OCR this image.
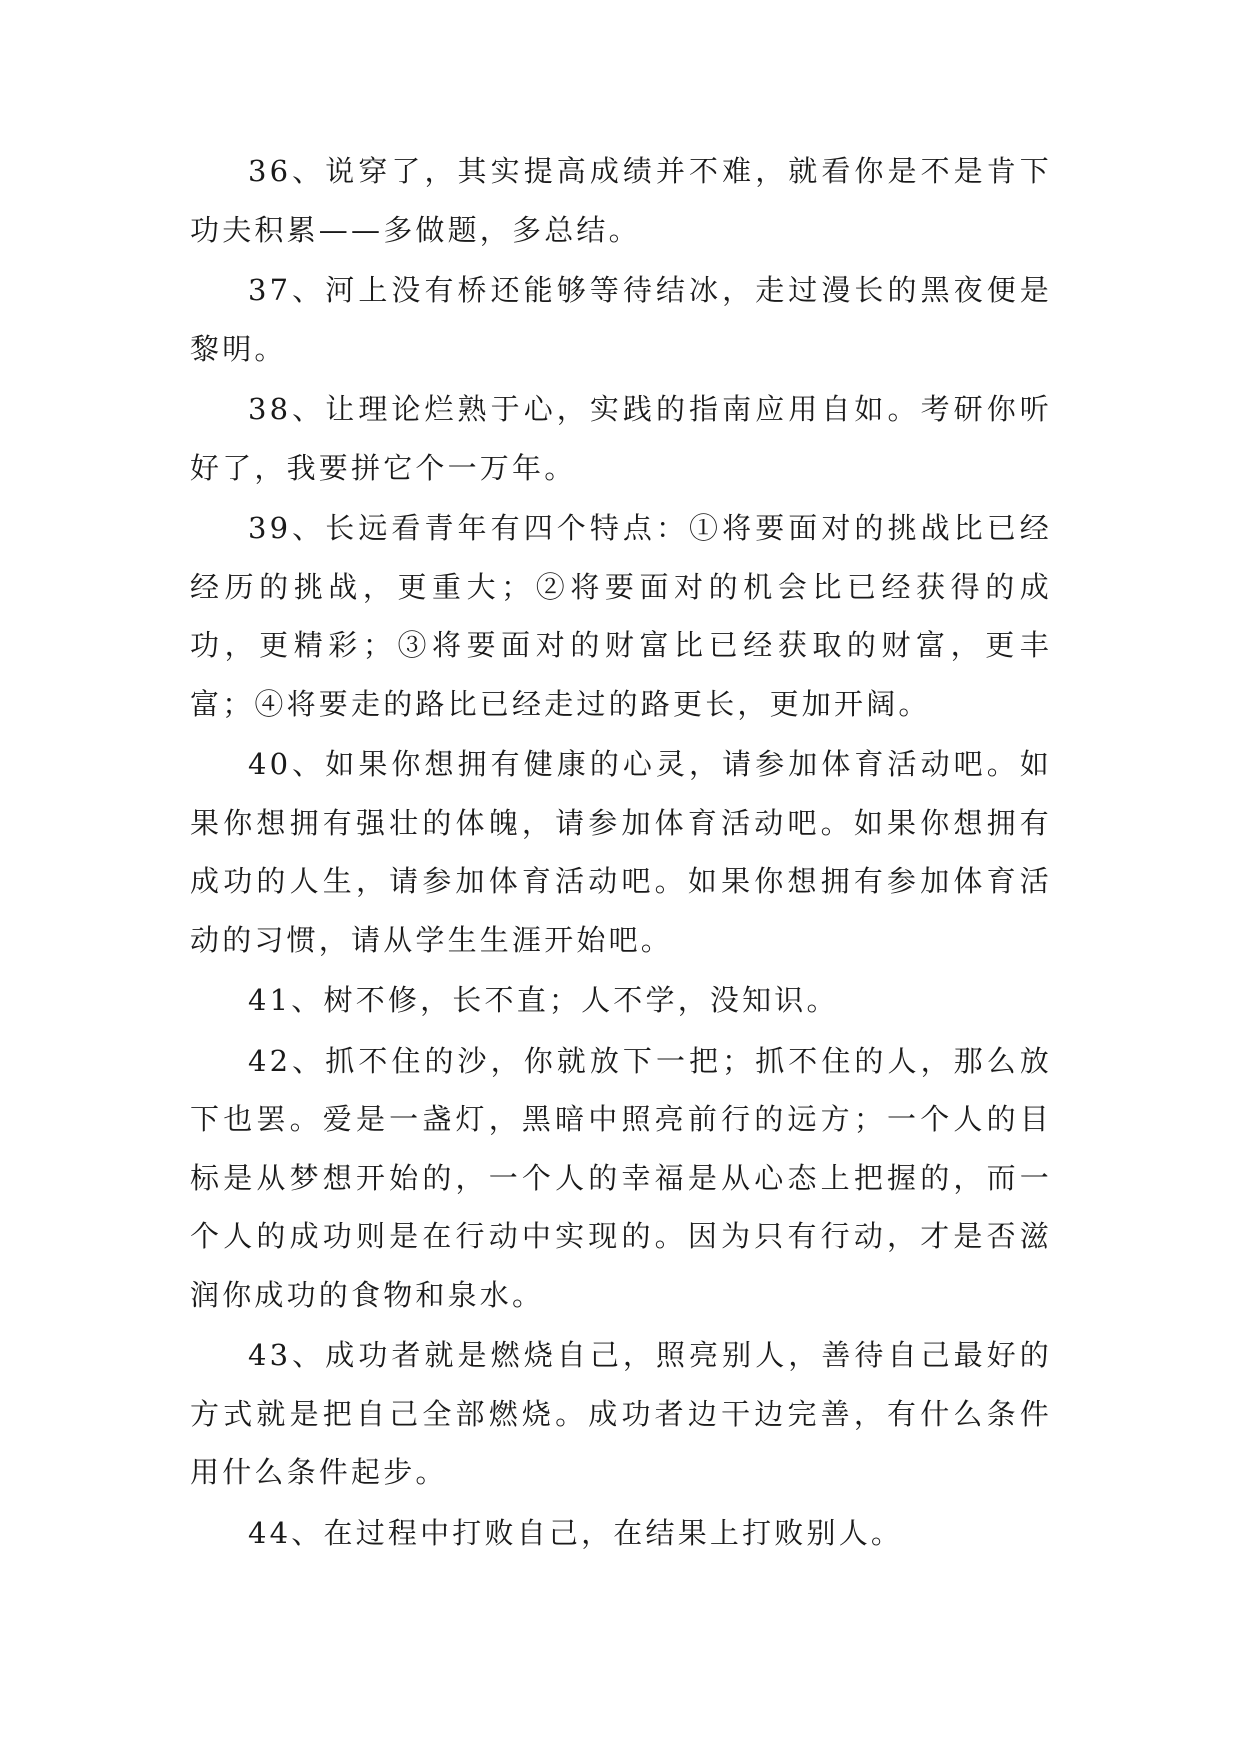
36、说穿了，其实提高成绩并不难，就看你是不是肯下功夫积累——多做题，多总结。

37、河上没有桥还能够等待结冰，走过漫长的黑夜便是黎明。

38、让理论烂熟于心，实践的指南应用自如。考研你听好了，我要拼它个一万年。

39、长远看青年有四个特点：①将要面对的挑战比已经经历的挑战，更重大；②将要面对的机会比已经获得的成功，更精彩；③将要面对的财富比已经获取的财富，更丰富；④将要走的路比已经走过的路更长，更加开阔。

40、如果你想拥有健康的心灵，请参加体育活动吧。如果你想拥有强壮的体魄，请参加体育活动吧。如果你想拥有成功的人生，请参加体育活动吧。如果你想拥有参加体育活动的习惯，请从学生生涯开始吧。

41、树不修，长不直；人不学，没知识。

42、抓不住的沙，你就放下一把；抓不住的人，那么放下也罢。爱是一盏灯，黑暗中照亮前行的远方；一个人的目标是从梦想开始的，一个人的幸福是从心态上把握的，而一个人的成功则是在行动中实现的。因为只有行动，才是否滋润你成功的食物和泉水。

43、成功者就是燃烧自己，照亮别人，善待自己最好的方式就是把自己全部燃烧。成功者边干边完善，有什么条件用什么条件起步。

44、在过程中打败自己，在结果上打败别人。
